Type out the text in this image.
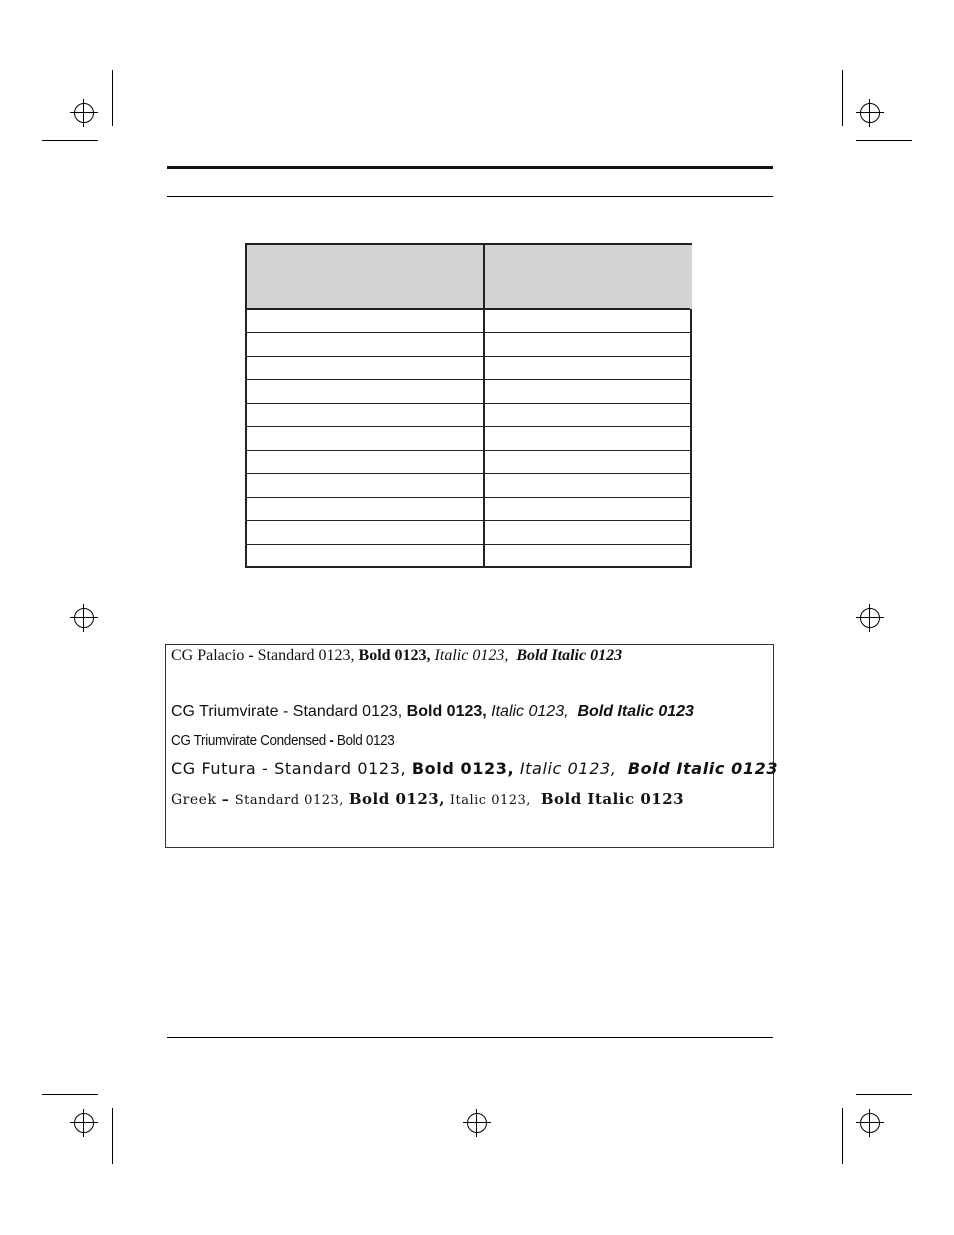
CG Palacio - Standard 0123, Bold 0123, Italic 0123, Bold Italic 0123
CG Triumvirate - Standard 0123, Bold 0123, Italic 0123, Bold Italic 0123
CG Triumvirate Condensed - Bold 0123
CG Futura - Standard 0123, Bold 0123, Italic 0123, Bold Italic 0123
Greek – Standard 0123, Bold 0123, Italic 0123, Bold Italic 0123
